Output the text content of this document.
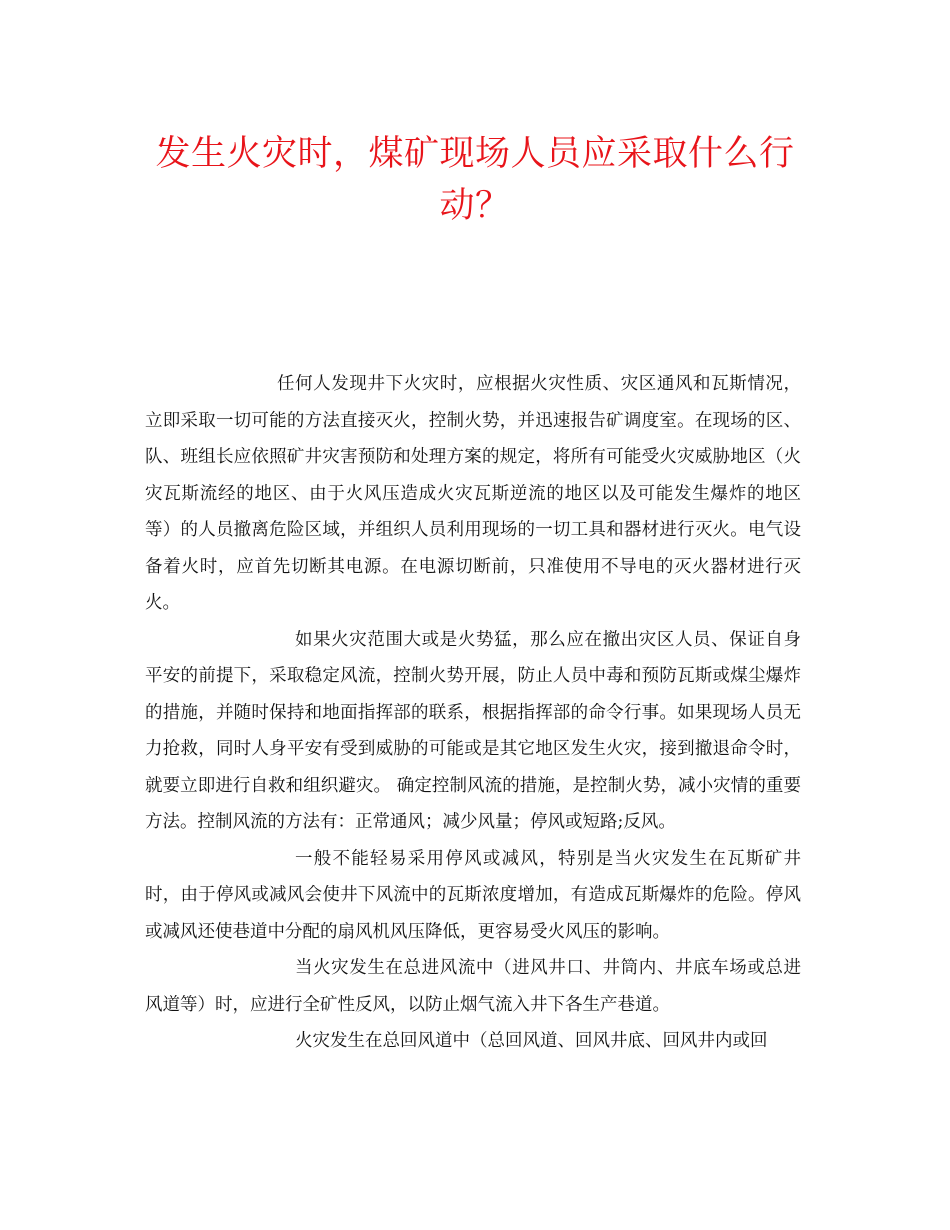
发生火灾时，煤矿现场人员应采取什么行动？

任何人发现井下火灾时，应根据火灾性质、灾区通风和瓦斯情况，立即采取一切可能的方法直接灭火，控制火势，并迅速报告矿调度室。在现场的区、队、班组长应依照矿井灾害预防和处理方案的规定，将所有可能受火灾威胁地区（火灾瓦斯流经的地区、由于火风压造成火灾瓦斯逆流的地区以及可能发生爆炸的地区等）的人员撤离危险区域，并组织人员利用现场的一切工具和器材进行灭火。电气设备着火时，应首先切断其电源。在电源切断前，只准使用不导电的灭火器材进行灭火。

如果火灾范围大或是火势猛，那么应在撤出灾区人员、保证自身平安的前提下，采取稳定风流，控制火势开展，防止人员中毒和预防瓦斯或煤尘爆炸的措施，并随时保持和地面指挥部的联系，根据指挥部的命令行事。如果现场人员无力抢救，同时人身平安有受到威胁的可能或是其它地区发生火灾，接到撤退命令时，就要立即进行自救和组织避灾。 确定控制风流的措施，是控制火势，减小灾情的重要方法。控制风流的方法有：正常通风；减少风量；停风或短路;反风。

一般不能轻易采用停风或减风，特别是当火灾发生在瓦斯矿井时，由于停风或减风会使井下风流中的瓦斯浓度增加，有造成瓦斯爆炸的危险。停风或减风还使巷道中分配的扇风机风压降低，更容易受火风压的影响。

当火灾发生在总进风流中（进风井口、井筒内、井底车场或总进风道等）时，应进行全矿性反风，以防止烟气流入井下各生产巷道。

火灾发生在总回风道中（总回风道、回风井底、回风井内或回
